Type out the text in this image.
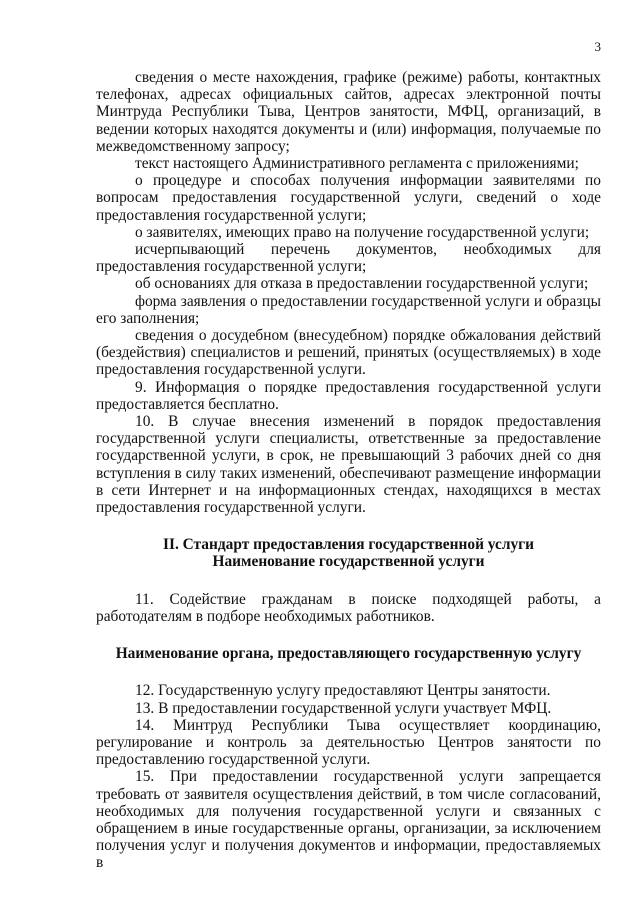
3

сведения о месте нахождения, графике (режиме) работы, контактных телефонах, адресах официальных сайтов, адресах электронной почты Минтруда Республики Тыва, Центров занятости, МФЦ, организаций, в ведении которых находятся документы и (или) информация, получаемые по межведомственному запросу;

текст настоящего Административного регламента с приложениями;

о процедуре и способах получения информации заявителями по вопросам предоставления государственной услуги, сведений о ходе предоставления государственной услуги;

о заявителях, имеющих право на получение государственной услуги;

исчерпывающий перечень документов, необходимых для предоставления государственной услуги;

об основаниях для отказа в предоставлении государственной услуги;

форма заявления о предоставлении государственной услуги и образцы его заполнения;

сведения о досудебном (внесудебном) порядке обжалования действий (бездействия) специалистов и решений, принятых (осуществляемых) в ходе предоставления государственной услуги.

9. Информация о порядке предоставления государственной услуги предоставляется бесплатно.

10. В случае внесения изменений в порядок предоставления государственной услуги специалисты, ответственные за предоставление государственной услуги, в срок, не превышающий 3 рабочих дней со дня вступления в силу таких изменений, обеспечивают размещение информации в сети Интернет и на информационных стендах, находящихся в местах предоставления государственной услуги.

II. Стандарт предоставления государственной услуги

Наименование государственной услуги

11. Содействие гражданам в поиске подходящей работы, а работодателям в подборе необходимых работников.

Наименование органа, предоставляющего государственную услугу

12. Государственную услугу предоставляют Центры занятости.

13. В предоставлении государственной услуги участвует МФЦ.

14. Минтруд Республики Тыва осуществляет координацию, регулирование и контроль за деятельностью Центров занятости по предоставлению государственной услуги.

15. При предоставлении государственной услуги запрещается требовать от заявителя осуществления действий, в том числе согласований, необходимых для получения государственной услуги и связанных с обращением в иные государственные органы, организации, за исключением получения услуг и получения документов и информации, предоставляемых в
